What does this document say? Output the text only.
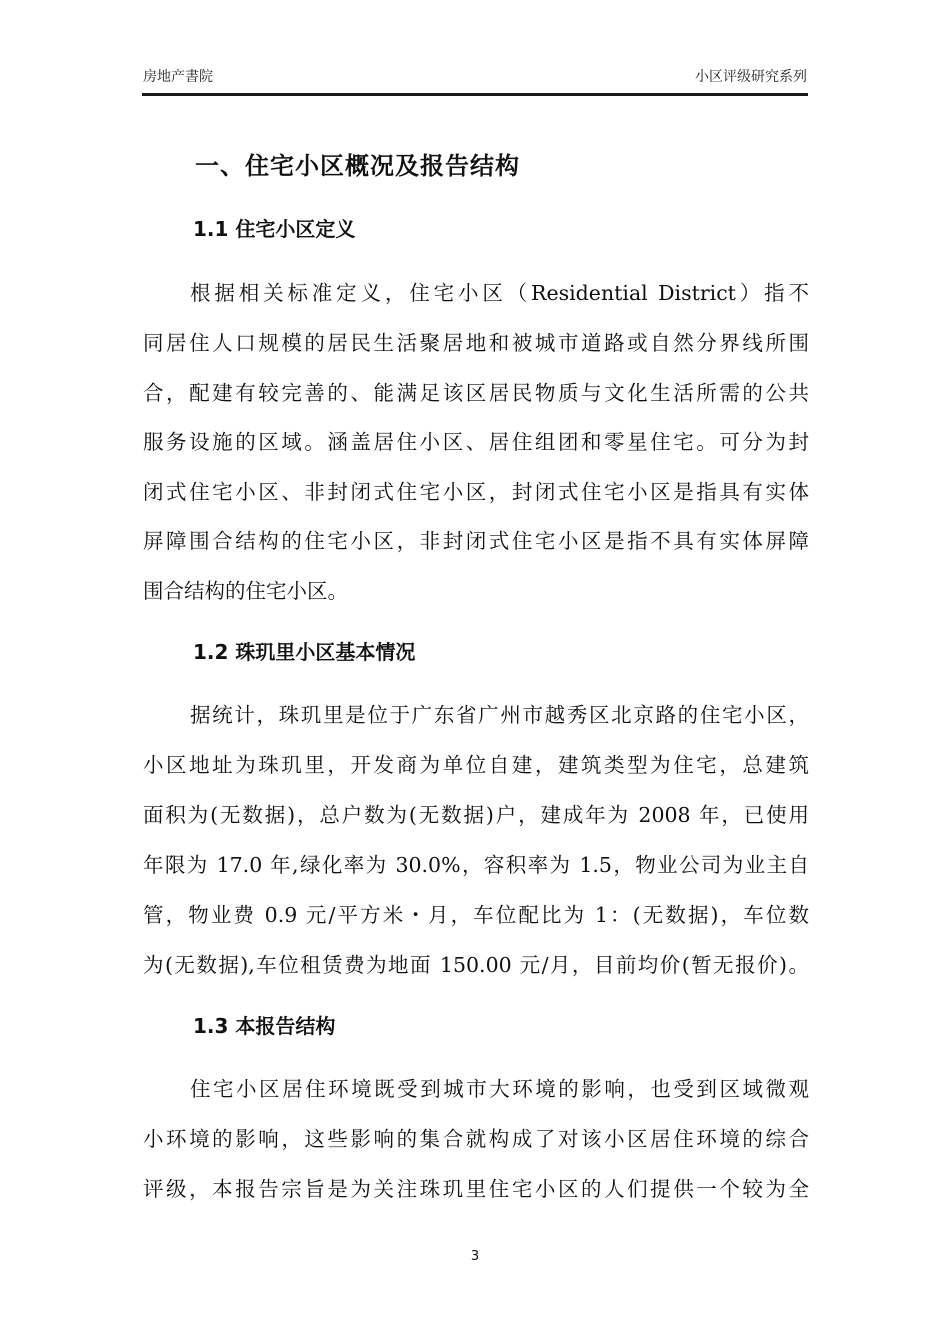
房地产書院	小区评级研究系列
一、住宅小区概况及报告结构
1.1 住宅小区定义
根据相关标准定义，住宅小区（Residential District）指不
同居住人口规模的居民生活聚居地和被城市道路或自然分界线所围
合，配建有较完善的、能满足该区居民物质与文化生活所需的公共
服务设施的区域。涵盖居住小区、居住组团和零星住宅。可分为封
闭式住宅小区、非封闭式住宅小区，封闭式住宅小区是指具有实体
屏障围合结构的住宅小区，非封闭式住宅小区是指不具有实体屏障
围合结构的住宅小区。
1.2 珠玑里小区基本情况
据统计，珠玑里是位于广东省广州市越秀区北京路的住宅小区，
小区地址为珠玑里，开发商为单位自建，建筑类型为住宅，总建筑
面积为(无数据)，总户数为(无数据)户，建成年为 2008 年，已使用
年限为 17.0 年,绿化率为 30.0%，容积率为 1.5，物业公司为业主自
管，物业费 0.9 元/平方米・月，车位配比为 1：(无数据)，车位数
为(无数据),车位租赁费为地面 150.00 元/月，目前均价(暂无报价)。
1.3 本报告结构
住宅小区居住环境既受到城市大环境的影响，也受到区域微观
小环境的影响，这些影响的集合就构成了对该小区居住环境的综合
评级，本报告宗旨是为关注珠玑里住宅小区的人们提供一个较为全
3
